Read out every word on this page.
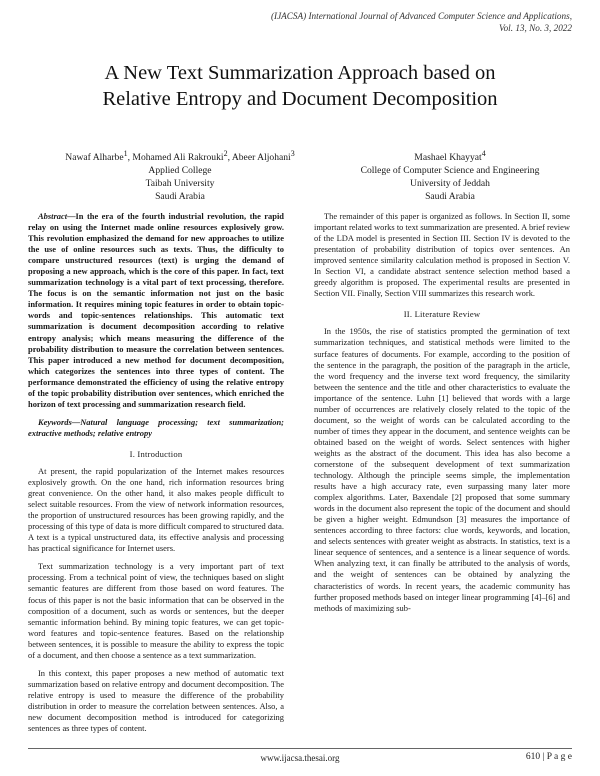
(IJACSA) International Journal of Advanced Computer Science and Applications,
Vol. 13, No. 3, 2022
A New Text Summarization Approach based on
Relative Entropy and Document Decomposition
Nawaf Alharbe$^1$, Mohamed Ali Rakrouki$^2$, Abeer Aljohani$^3$
Applied College
Taibah University
Saudi Arabia
Mashael Khayyat$^4$
College of Computer Science and Engineering
University of Jeddah
Saudi Arabia

Abstract—In the era of the fourth industrial revolution, the rapid relay on using the Internet made online resources explosively grow. This revolution emphasized the demand for new approaches to utilize the use of online resources such as texts. Thus, the difficulty to compare unstructured resources (text) is urging the demand of proposing a new approach, which is the core of this paper. In fact, text summarization technology is a vital part of text processing, therefore. The focus is on the semantic information not just on the basic information. It requires mining topic features in order to obtain topic-words and topic-sentences relationships. This automatic text summarization is document decomposition according to relative entropy analysis; which means measuring the difference of the probability distribution to measure the correlation between sentences. This paper introduced a new method for document decomposition, which categorizes the sentences into three types of content. The performance demonstrated the efficiency of using the relative entropy of the topic probability distribution over sentences, which enriched the horizon of text processing and summarization research field.

Keywords—Natural language processing; text summarization; extractive methods; relative entropy

I. Introduction

At present, the rapid popularization of the Internet makes resources explosively growth. On the one hand, rich information resources bring great convenience. On the other hand, it also makes people difficult to select suitable resources. From the view of network information resources, the proportion of unstructured resources has been growing rapidly, and the processing of this type of data is more difficult compared to structured data. A text is a typical unstructured data, its effective analysis and processing has practical significance for Internet users.

Text summarization technology is a very important part of text processing. From a technical point of view, the techniques based on slight semantic features are different from those based on word features. The focus of this paper is not the basic information that can be observed in the composition of a document, such as words or sentences, but the deeper semantic information behind. By mining topic features, we can get topic-word features and topic-sentence features. Based on the relationship between sentences, it is possible to measure the ability to express the topic of a document, and then choose a sentence as a text summarization.

In this context, this paper proposes a new method of automatic text summarization based on relative entropy and document decomposition. The relative entropy is used to measure the difference of the probability distribution in order to measure the correlation between sentences. Also, a new document decomposition method is introduced for categorizing sentences as three types of content.

The remainder of this paper is organized as follows. In Section II, some important related works to text summarization are presented. A brief review of the LDA model is presented in Section III. Section IV is devoted to the presentation of probability distribution of topics over sentences. An improved sentence similarity calculation method is proposed in Section V. In Section VI, a candidate abstract sentence selection method based a greedy algorithm is proposed. The experimental results are presented in Section VII. Finally, Section VIII summarizes this research work.

II. Literature Review

In the 1950s, the rise of statistics prompted the germination of text summarization techniques, and statistical methods were limited to the surface features of documents. For example, according to the position of the sentence in the paragraph, the position of the paragraph in the article, the word frequency and the inverse text word frequency, the similarity between the sentence and the title and other characteristics to evaluate the importance of the sentence. Luhn [1] believed that words with a large number of occurrences are relatively closely related to the topic of the document, so the weight of words can be calculated according to the number of times they appear in the document, and sentence weights can be obtained based on the weight of words. Select sentences with higher weights as the abstract of the document. This idea has also become a cornerstone of the subsequent development of text summarization technology. Although the principle seems simple, the implementation results have a high accuracy rate, even surpassing many later more complex algorithms. Later, Baxendale [2] proposed that some summary words in the document also represent the topic of the document and should be given a higher weight. Edmundson [3] measures the importance of sentences according to three factors: clue words, keywords, and location, and selects sentences with greater weight as abstracts. In statistics, text is a linear sequence of sentences, and a sentence is a linear sequence of words. When analyzing text, it can finally be attributed to the analysis of words, and the weight of sentences can be obtained by analyzing the characteristics of words. In recent years, the academic community has further proposed methods based on integer linear programming [4]–[6] and methods of maximizing sub-

www.ijacsa.thesai.org	610 | P a g e
